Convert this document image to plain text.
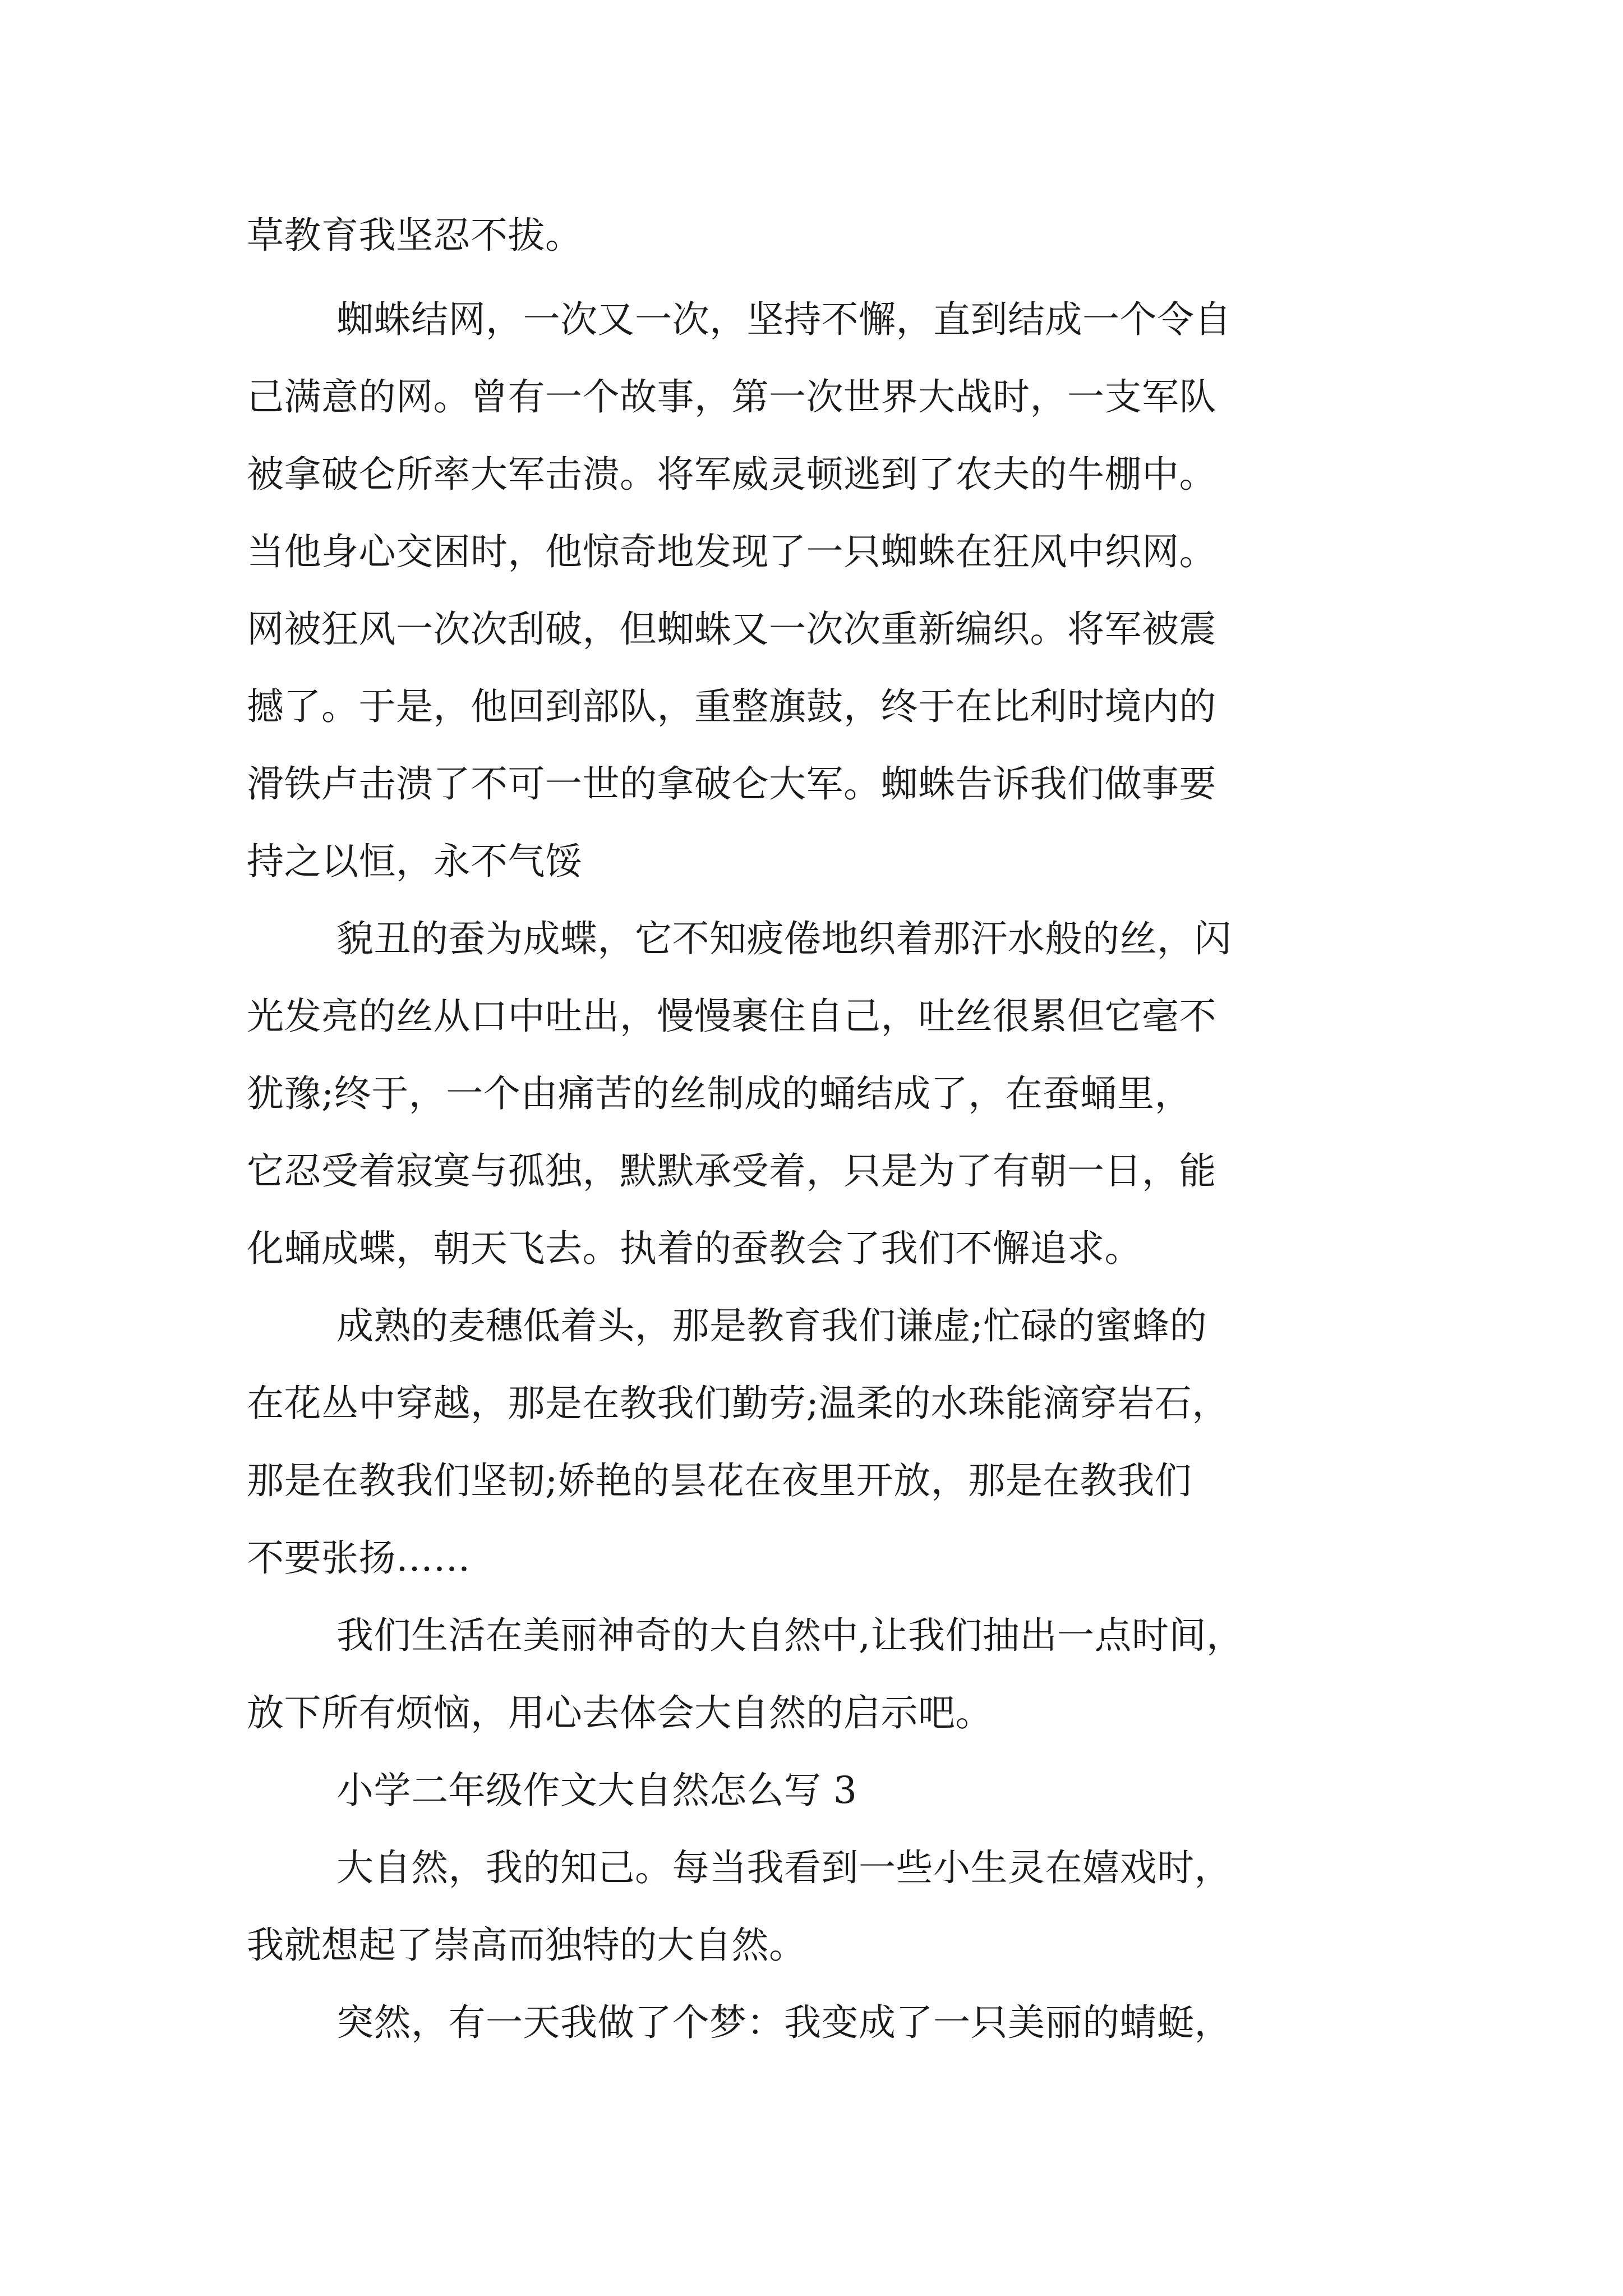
草教育我坚忍不拔。
蜘蛛结网，一次又一次，坚持不懈，直到结成一个令自
己满意的网。曾有一个故事，第一次世界大战时，一支军队
被拿破仑所率大军击溃。将军威灵顿逃到了农夫的牛棚中。
当他身心交困时，他惊奇地发现了一只蜘蛛在狂风中织网。
网被狂风一次次刮破，但蜘蛛又一次次重新编织。将军被震
撼了。于是，他回到部队，重整旗鼓，终于在比利时境内的
滑铁卢击溃了不可一世的拿破仑大军。蜘蛛告诉我们做事要
持之以恒，永不气馁
貌丑的蚕为成蝶，它不知疲倦地织着那汗水般的丝，闪
光发亮的丝从口中吐出，慢慢裹住自己，吐丝很累但它毫不
犹豫;终于，一个由痛苦的丝制成的蛹结成了，在蚕蛹里，
它忍受着寂寞与孤独，默默承受着，只是为了有朝一日，能
化蛹成蝶，朝天飞去。执着的蚕教会了我们不懈追求。
成熟的麦穗低着头，那是教育我们谦虚;忙碌的蜜蜂的
在花丛中穿越，那是在教我们勤劳;温柔的水珠能滴穿岩石，
那是在教我们坚韧;娇艳的昙花在夜里开放，那是在教我们
不要张扬……
我们生活在美丽神奇的大自然中,让我们抽出一点时间，
放下所有烦恼，用心去体会大自然的启示吧。
小学二年级作文大自然怎么写 3
大自然，我的知己。每当我看到一些小生灵在嬉戏时，
我就想起了崇高而独特的大自然。
突然，有一天我做了个梦：我变成了一只美丽的蜻蜓，
